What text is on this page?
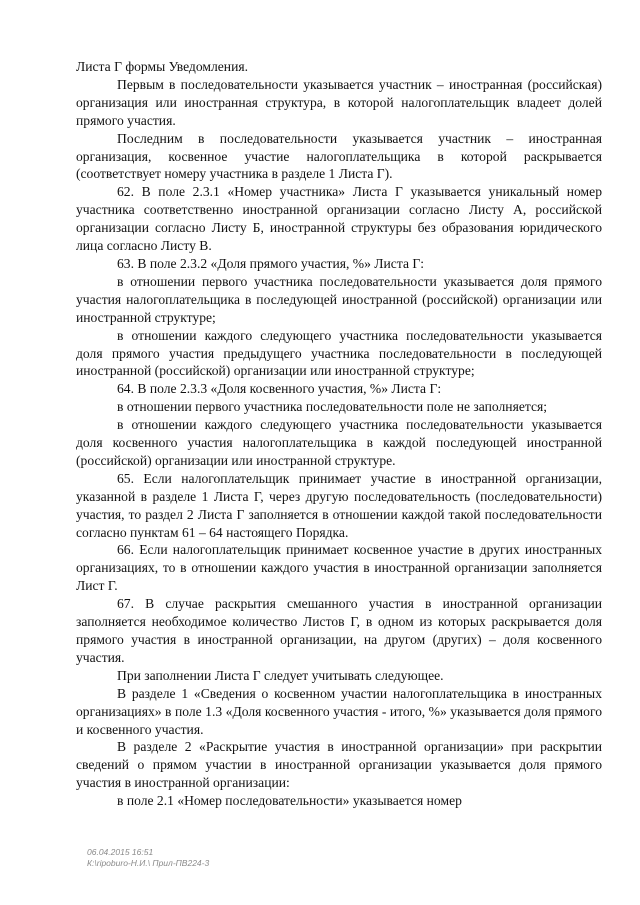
Листа Г формы Уведомления.

Первым в последовательности указывается участник – иностранная (российская) организация или иностранная структура, в которой налогоплательщик владеет долей прямого участия.

Последним в последовательности указывается участник – иностранная организация, косвенное участие налогоплательщика в которой раскрывается (соответствует номеру участника в разделе 1 Листа Г).

62. В поле 2.3.1 «Номер участника» Листа Г указывается уникальный номер участника соответственно иностранной организации согласно Листу А, российской организации согласно Листу Б, иностранной структуры без образования юридического лица согласно Листу В.

63. В поле 2.3.2 «Доля прямого участия, %» Листа Г:

в отношении первого участника последовательности указывается доля прямого участия налогоплательщика в последующей иностранной (российской) организации или иностранной структуре;

в отношении каждого следующего участника последовательности указывается доля прямого участия предыдущего участника последовательности в последующей иностранной (российской) организации или иностранной структуре;

64. В поле 2.3.3 «Доля косвенного участия, %» Листа Г:

в отношении первого участника последовательности поле не заполняется;

в отношении каждого следующего участника последовательности указывается доля косвенного участия налогоплательщика в каждой последующей иностранной (российской) организации или иностранной структуре.

65. Если налогоплательщик принимает участие в иностранной организации, указанной в разделе 1 Листа Г, через другую последовательность (последовательности) участия, то раздел 2 Листа Г заполняется в отношении каждой такой последовательности согласно пунктам 61 – 64 настоящего Порядка.

66. Если налогоплательщик принимает косвенное участие в других иностранных организациях, то в отношении каждого участия в иностранной организации заполняется Лист Г.

67. В случае раскрытия смешанного участия в иностранной организации заполняется необходимое количество Листов Г, в одном из которых раскрывается доля прямого участия в иностранной организации, на другом (других) – доля косвенного участия.

При заполнении Листа Г следует учитывать следующее.

В разделе 1 «Сведения о косвенном участии налогоплательщика в иностранных организациях» в поле 1.3 «Доля косвенного участия - итого, %» указывается доля прямого и косвенного участия.

В разделе 2 «Раскрытие участия в иностранной организации» при раскрытии сведений о прямом участии в иностранной организации указывается доля прямого участия в иностранной организации:

в поле 2.1 «Номер последовательности» указывается номер

06.04.2015 16:51
К:\ripoburo-Н.И.\ Прил-ПВ224-3
